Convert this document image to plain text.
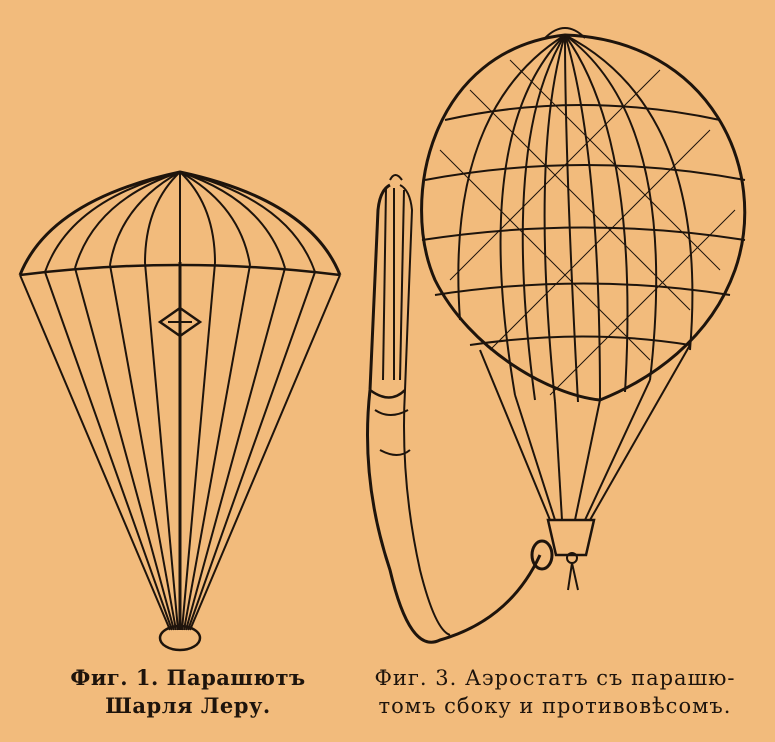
Фиг. 1. Парашютъ
Шарля Леру.
Фиг. 3. Аэростатъ съ парашю-
томъ сбоку и противовѣсомъ.
